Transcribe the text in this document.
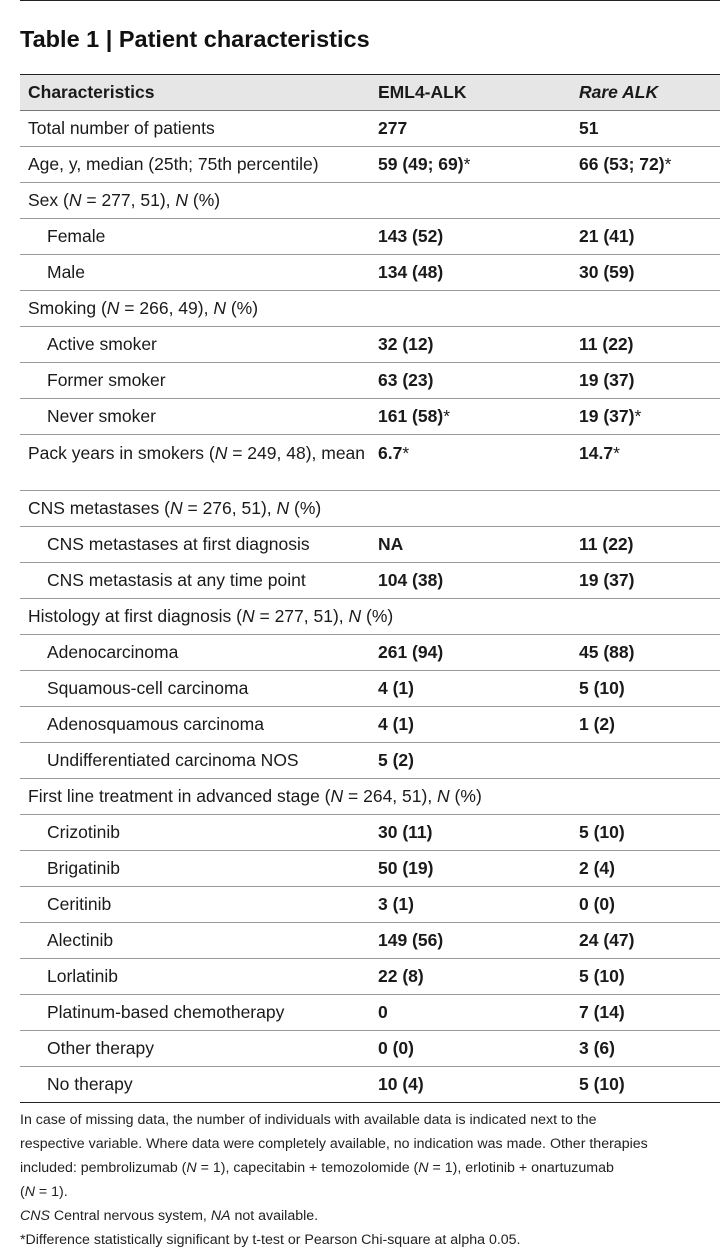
Table 1 | Patient characteristics
Characteristics	EML4-ALK	Rare ALK
Total number of patients	277	51
Age, y, median (25th; 75th percentile)	59 (49; 69)*	66 (53; 72)*
Sex (N = 277, 51), N (%)		
Female	143 (52)	21 (41)
Male	134 (48)	30 (59)
Smoking (N = 266, 49), N (%)		
Active smoker	32 (12)	11 (22)
Former smoker	63 (23)	19 (37)
Never smoker	161 (58)*	19 (37)*
Pack years in smokers (N = 249, 48), mean	6.7*	14.7*
CNS metastases (N = 276, 51), N (%)		
CNS metastases at first diagnosis	NA	11 (22)
CNS metastasis at any time point	104 (38)	19 (37)
Histology at first diagnosis (N = 277, 51), N (%)		
Adenocarcinoma	261 (94)	45 (88)
Squamous-cell carcinoma	4 (1)	5 (10)
Adenosquamous carcinoma	4 (1)	1 (2)
Undifferentiated carcinoma NOS	5 (2)	
First line treatment in advanced stage (N = 264, 51), N (%)		
Crizotinib	30 (11)	5 (10)
Brigatinib	50 (19)	2 (4)
Ceritinib	3 (1)	0 (0)
Alectinib	149 (56)	24 (47)
Lorlatinib	22 (8)	5 (10)
Platinum-based chemotherapy	0	7 (14)
Other therapy	0 (0)	3 (6)
No therapy	10 (4)	5 (10)
In case of missing data, the number of individuals with available data is indicated next to the
respective variable. Where data were completely available, no indication was made. Other therapies
included: pembrolizumab (N = 1), capecitabin + temozolomide (N = 1), erlotinib + onartuzumab
(N = 1).
CNS Central nervous system, NA not available.
*Difference statistically significant by t-test or Pearson Chi-square at alpha 0.05.
